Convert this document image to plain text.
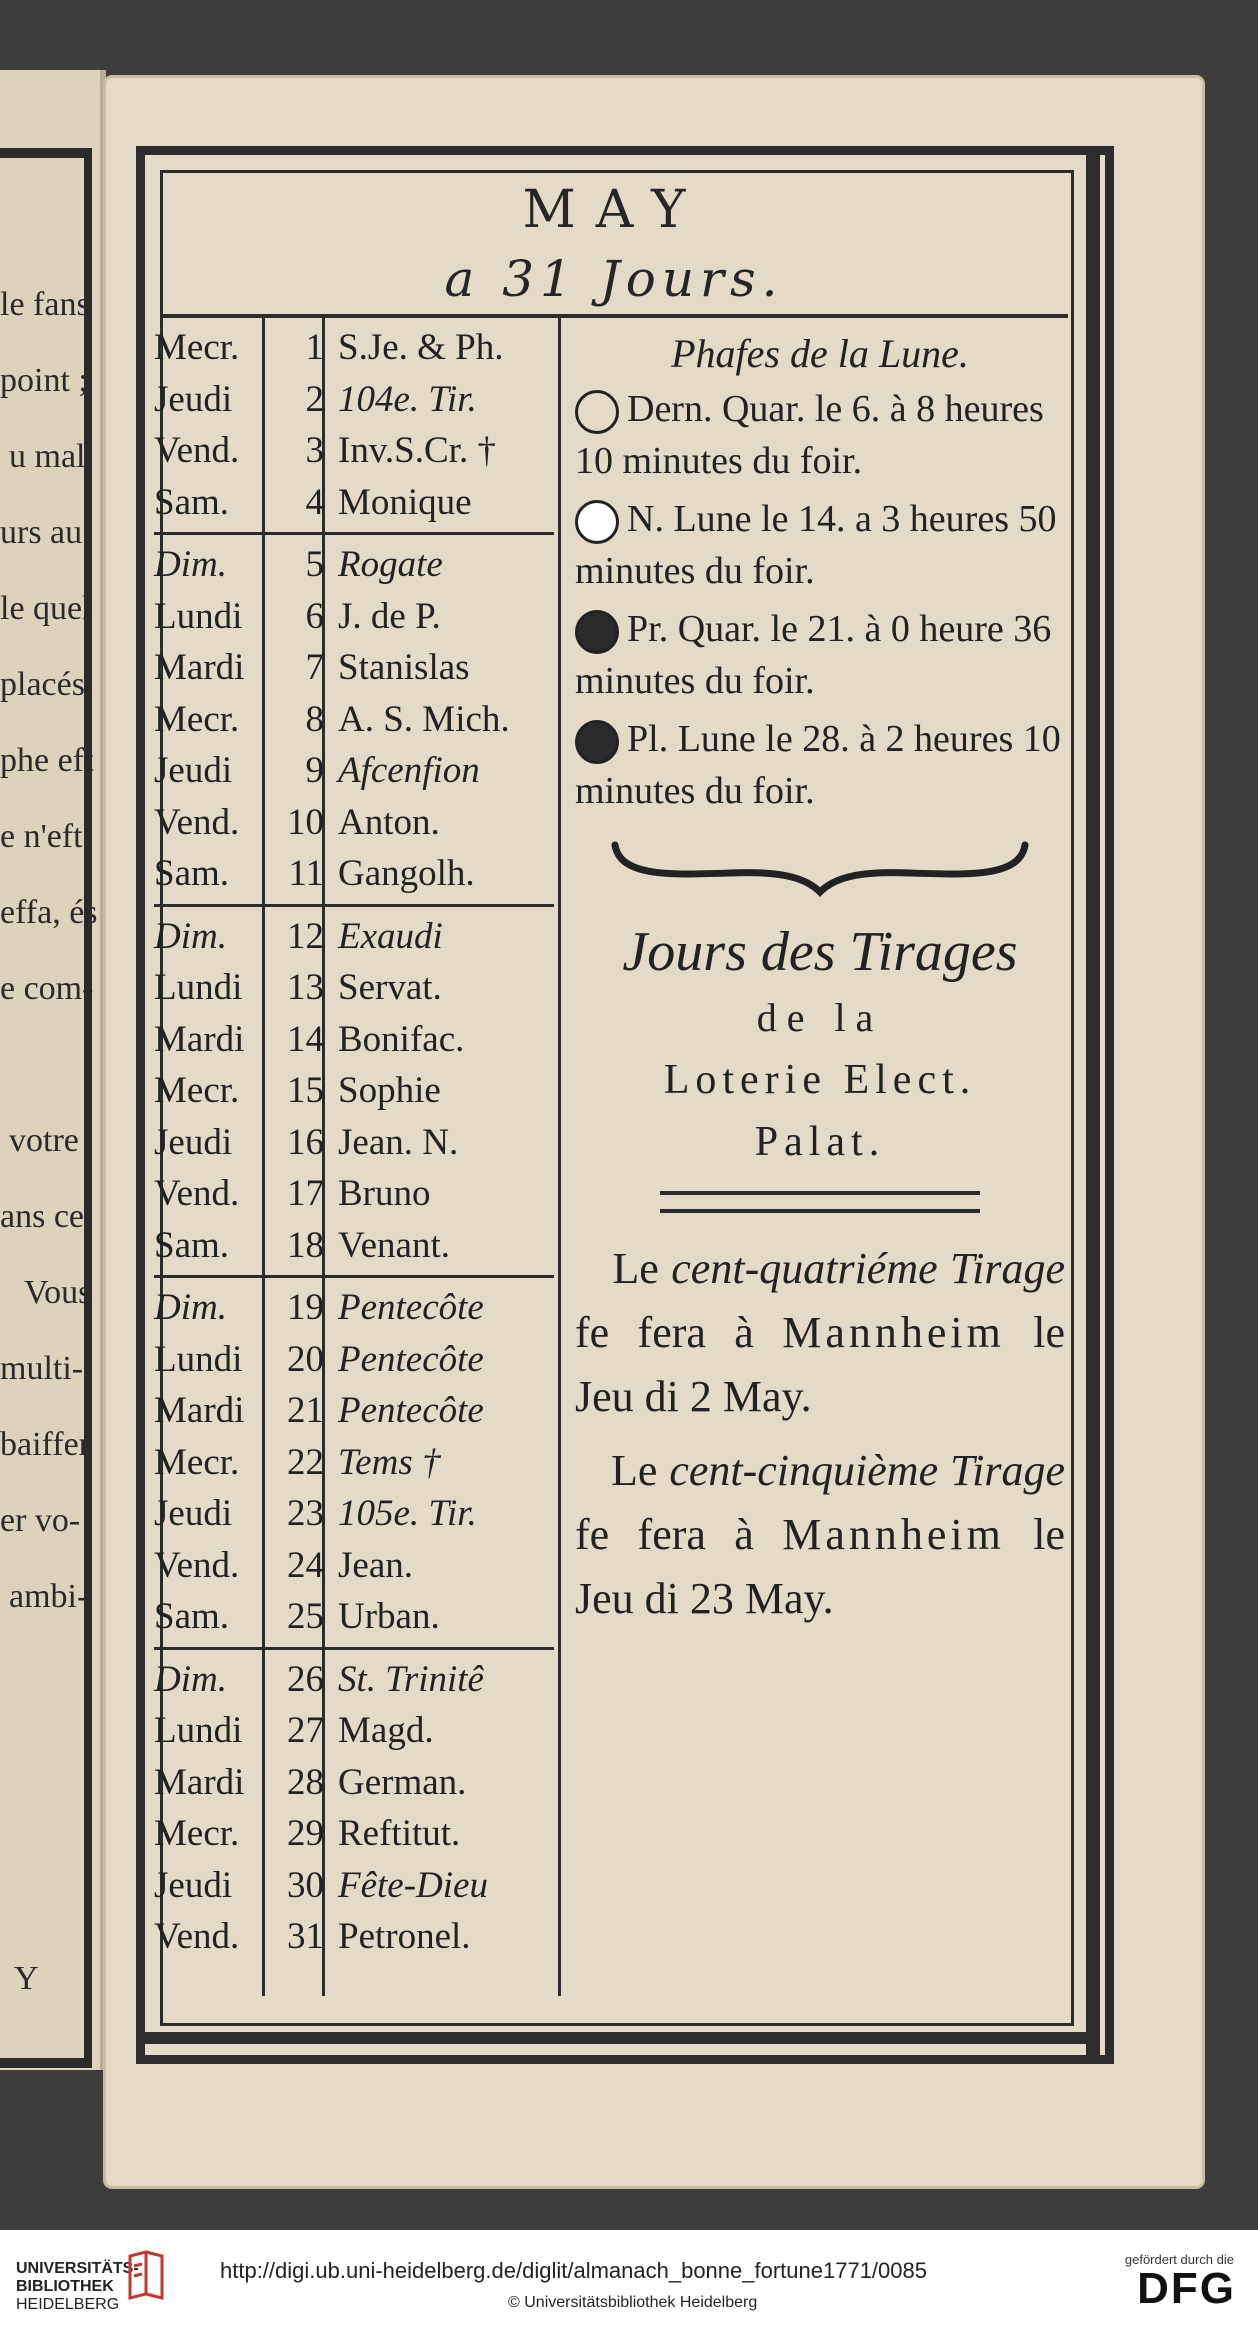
le fans
point ;
u mal
urs au
le quel
placés.
phe eft
e n'eft
effa, és
e com-
votre
ans ce
Vous
multi-
baiffer
er vo-
ambi-
Y
MAY
a 31 Jours.
Mecr.	1 S.Je. & Ph.
Jeudi	2 104e. Tir.
Vend.	3 Inv.S.Cr. †
Sam.	4 Monique
Dim.	5 Rogate
Lundi	6 J. de P.
Mardi	7 Stanislas
Mecr.	8 A. S. Mich.
Jeudi	9 Afcenfion
Vend.	10 Anton.
Sam.	11 Gangolh.
Dim.	12 Exaudi
Lundi	13 Servat.
Mardi	14 Bonifac.
Mecr.	15 Sophie
Jeudi	16 Jean. N.
Vend.	17 Bruno
Sam.	18 Venant.
Dim.	19 Pentecôte
Lundi	20 Pentecôte
Mardi	21 Pentecôte
Mecr.	22 Tems †
Jeudi	23 105e. Tir.
Vend.	24 Jean.
Sam.	25 Urban.
Dim.	26 St. Trinitê
Lundi	27 Magd.
Mardi	28 German.
Mecr.	29 Reftitut.
Jeudi	30 Fête-Dieu
Vend.	31 Petronel.
Phafes de la Lune.
Dern. Quar. le 6. à 8 heures 10 minutes du foir.
N. Lune le 14. a 3 heures 50 minutes du foir.
Pr. Quar. le 21. à 0 heure 36 minutes du foir.
Pl. Lune le 28. à 2 heures 10 minutes du foir.
Jours des Tirages
de la
Loterie Elect.
Palat.
Le cent-quatriéme Tirage fe fera à Mannheim le Jeu di 2 May.
Le cent-cinquième Tirage fe fera à Mannheim le Jeu di 23 May.
UNIVERSITÄTS-
BIBLIOTHEK
HEIDELBERG
http://digi.ub.uni-heidelberg.de/diglit/almanach_bonne_fortune1771/0085
© Universitätsbibliothek Heidelberg
gefördert durch die
DFG
